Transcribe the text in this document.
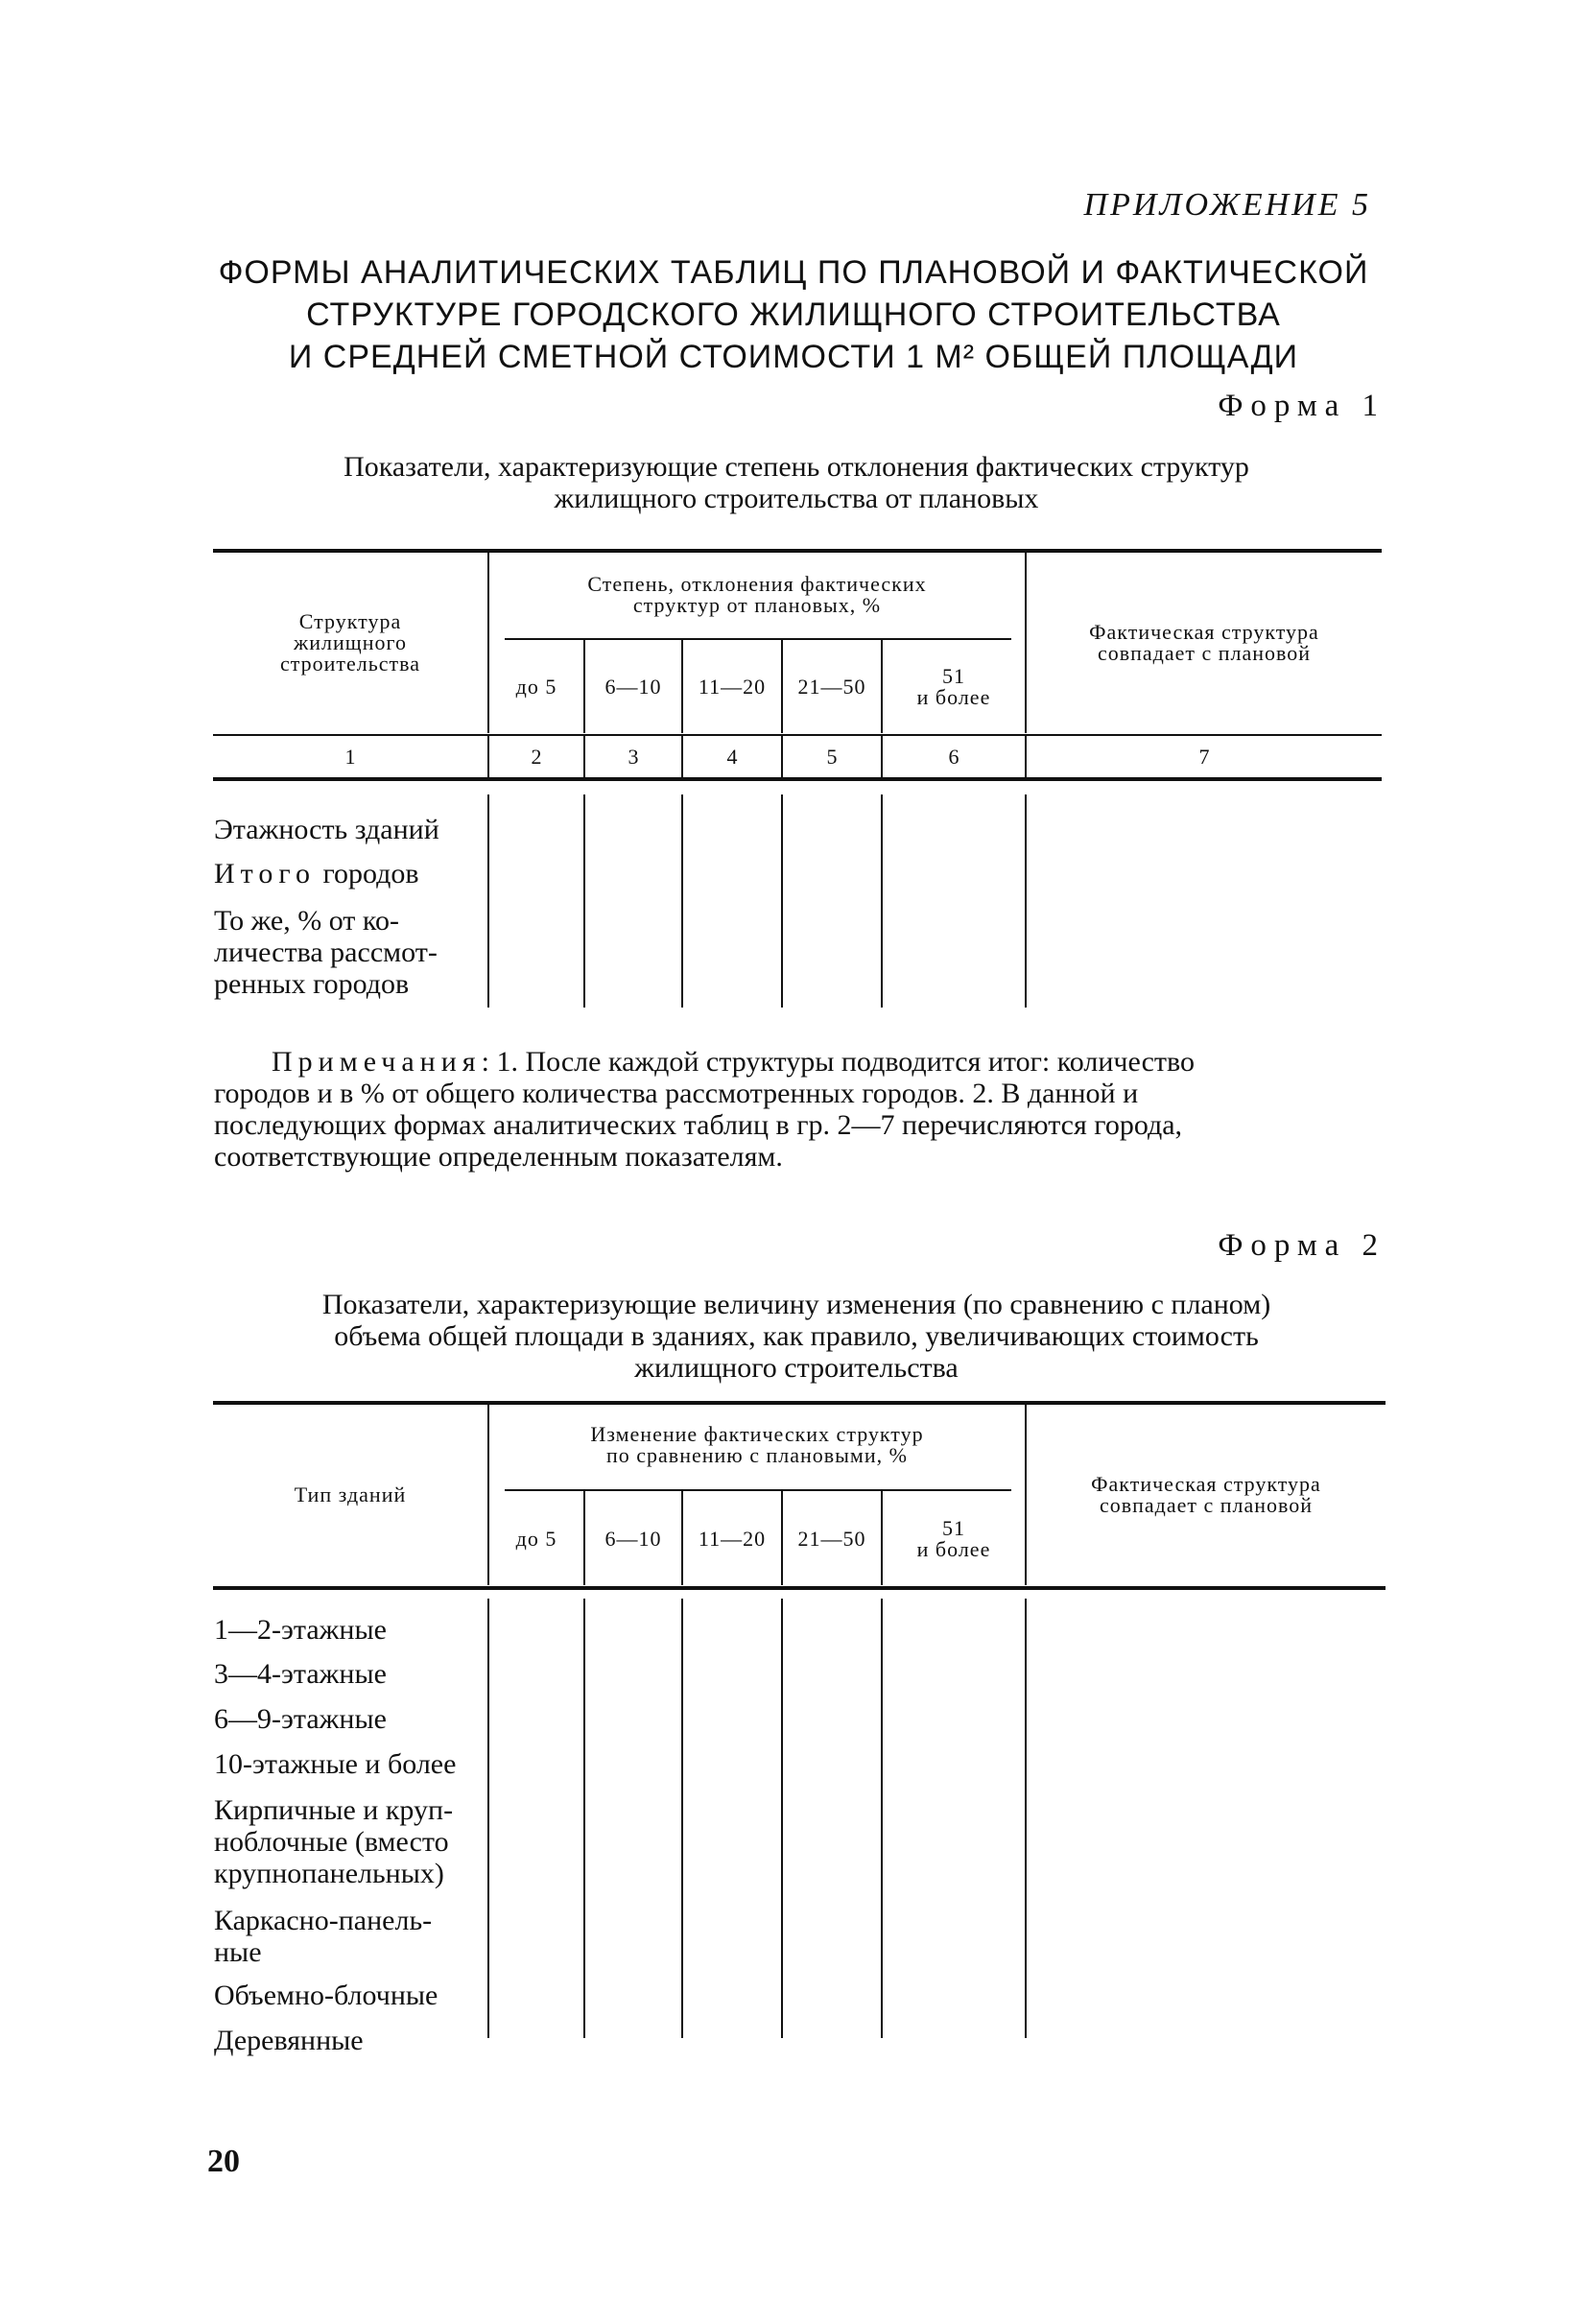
ПРИЛОЖЕНИЕ 5
ФОРМЫ АНАЛИТИЧЕСКИХ ТАБЛИЦ ПО ПЛАНОВОЙ И ФАКТИЧЕСКОЙ
СТРУКТУРЕ ГОРОДСКОГО ЖИЛИЩНОГО СТРОИТЕЛЬСТВА
И СРЕДНЕЙ СМЕТНОЙ СТОИМОСТИ 1 М² ОБЩЕЙ ПЛОЩАДИ
Форма 1
Показатели, характеризующие степень отклонения фактических структур
жилищного строительства от плановых
Структура
жилищного
строительства
Степень, отклонения фактических
структур от плановых, %
до 5	6—10	11—20	21—50	51
и более
Фактическая структура
совпадает с плановой
1	2	3	4	5	6	7
Этажность зданий
Итого городов
То же, % от ко-
личества рассмот-
ренных городов
Примечания: 1. После каждой структуры подводится итог: количество
городов и в % от общего количества рассмотренных городов. 2. В данной и
последующих формах аналитических таблиц в гр. 2—7 перечисляются города,
соответствующие определенным показателям.
Форма 2
Показатели, характеризующие величину изменения (по сравнению с планом)
объема общей площади в зданиях, как правило, увеличивающих стоимость
жилищного строительства
Тип зданий
Изменение фактических структур
по сравнению с плановыми, %
до 5	6—10	11—20	21—50	51
и более
Фактическая структура
совпадает с плановой
1—2-этажные
3—4-этажные
6—9-этажные
10-этажные и более
Кирпичные и круп-
ноблочные (вместо
крупнопанельных)
Каркасно-панель-
ные
Объемно-блочные
Деревянные
20
